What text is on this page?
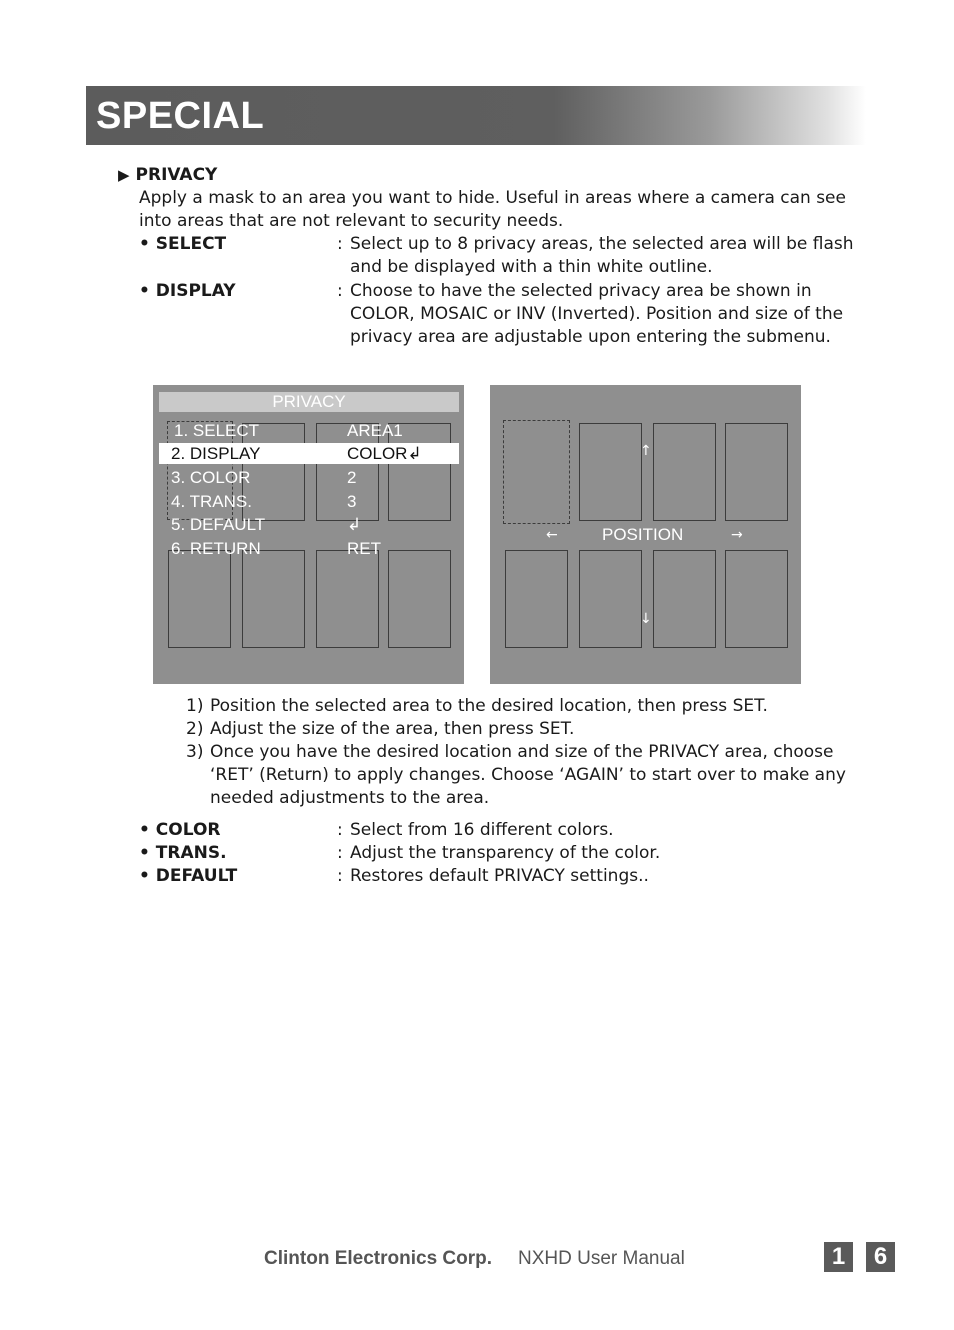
SPECIAL
▶ PRIVACY
Apply a mask to an area you want to hide. Useful in areas where a camera can see into areas that are not relevant to security needs.
• SELECT	: Select up to 8 privacy areas, the selected area will be flash and be displayed with a thin white outline.
• DISPLAY	: Choose to have the selected privacy area be shown in COLOR, MOSAIC or INV (Inverted). Position and size of the privacy area are adjustable upon entering the submenu.
PRIVACY
1. SELECT	AREA1
2. DISPLAY	COLOR↲
3. COLOR	2
4. TRANS.	3
5. DEFAULT	↲
6. RETURN	RET
↑
←	POSITION	→
↓
1) Position the selected area to the desired location, then press SET.
2) Adjust the size of the area, then press SET.
3) Once you have the desired location and size of the PRIVACY area, choose ‘RET’ (Return) to apply changes. Choose ‘AGAIN’ to start over to make any needed adjustments to the area.
• COLOR	: Select from 16 different colors.
• TRANS.	: Adjust the transparency of the color.
• DEFAULT	: Restores default PRIVACY settings..
Clinton Electronics Corp. NXHD User Manual	1	6
